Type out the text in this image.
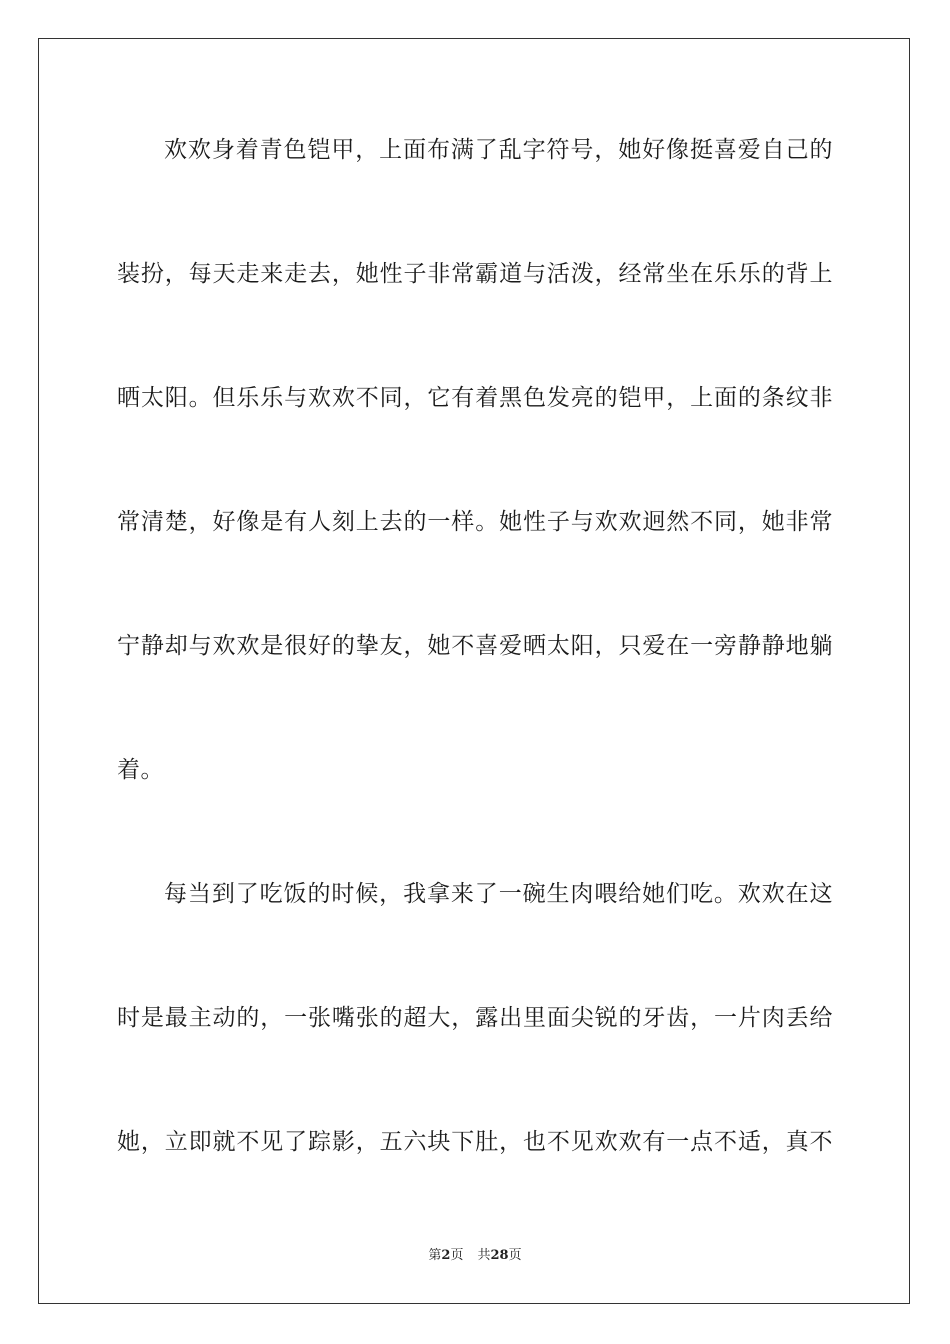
欢欢身着青色铠甲，上面布满了乱字符号，她好像挺喜爱自己的
装扮，每天走来走去，她性子非常霸道与活泼，经常坐在乐乐的背上
晒太阳。但乐乐与欢欢不同，它有着黑色发亮的铠甲，上面的条纹非
常清楚，好像是有人刻上去的一样。她性子与欢欢迥然不同，她非常
宁静却与欢欢是很好的挚友，她不喜爱晒太阳，只爱在一旁静静地躺
着。
每当到了吃饭的时候，我拿来了一碗生肉喂给她们吃。欢欢在这
时是最主动的，一张嘴张的超大，露出里面尖锐的牙齿，一片肉丢给
她，立即就不见了踪影，五六块下肚，也不见欢欢有一点不适，真不
第2页 共28页
